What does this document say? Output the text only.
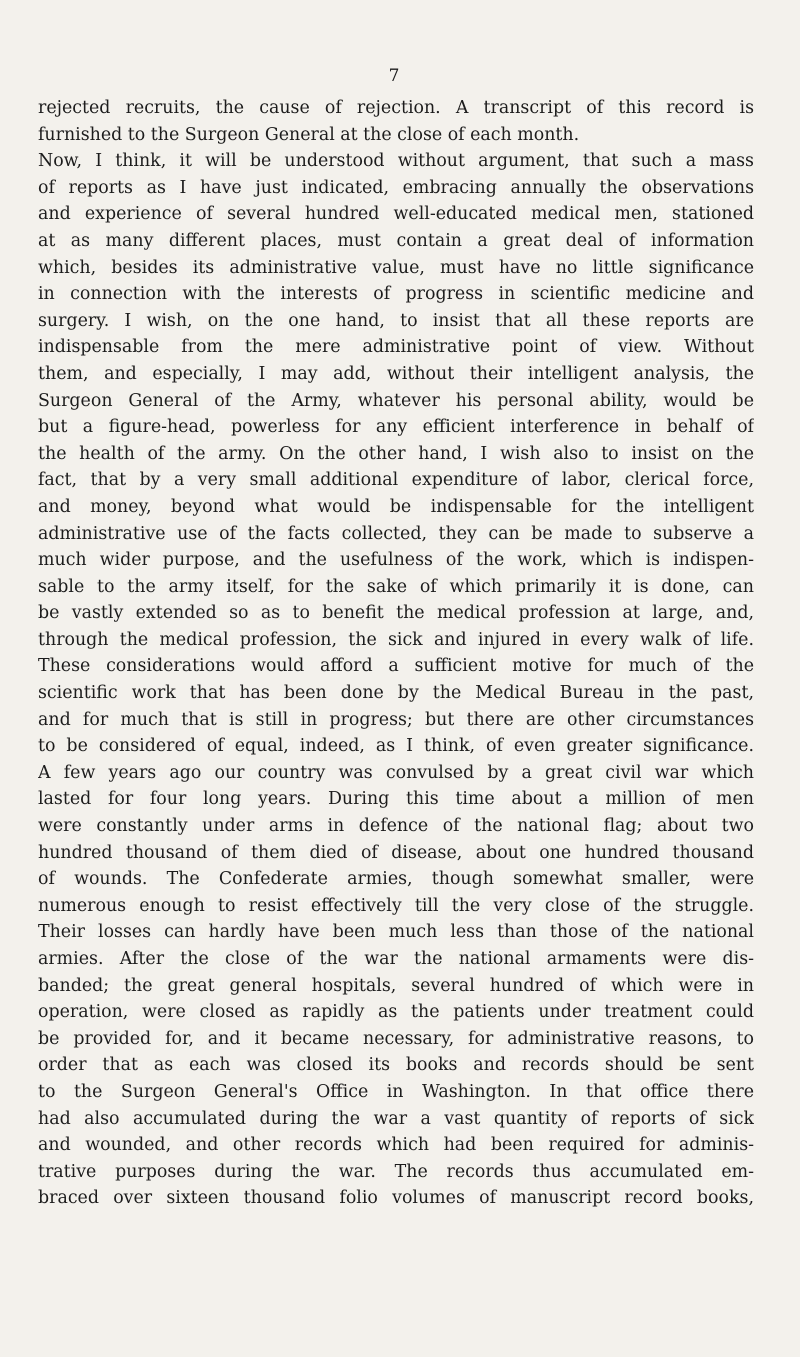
7
rejected recruits, the cause of rejection. A transcript of this record is
furnished to the Surgeon General at the close of each month.
Now, I think, it will be understood without argument, that such a mass
of reports as I have just indicated, embracing annually the observations
and experience of several hundred well-educated medical men, stationed
at as many different places, must contain a great deal of information
which, besides its administrative value, must have no little significance
in connection with the interests of progress in scientific medicine and
surgery. I wish, on the one hand, to insist that all these reports are
indispensable from the mere administrative point of view. Without
them, and especially, I may add, without their intelligent analysis, the
Surgeon General of the Army, whatever his personal ability, would be
but a figure-head, powerless for any efficient interference in behalf of
the health of the army. On the other hand, I wish also to insist on the
fact, that by a very small additional expenditure of labor, clerical force,
and money, beyond what would be indispensable for the intelligent
administrative use of the facts collected, they can be made to subserve a
much wider purpose, and the usefulness of the work, which is indispen-
sable to the army itself, for the sake of which primarily it is done, can
be vastly extended so as to benefit the medical profession at large, and,
through the medical profession, the sick and injured in every walk of life.
These considerations would afford a sufficient motive for much of the
scientific work that has been done by the Medical Bureau in the past,
and for much that is still in progress; but there are other circumstances
to be considered of equal, indeed, as I think, of even greater significance.
A few years ago our country was convulsed by a great civil war which
lasted for four long years. During this time about a million of men
were constantly under arms in defence of the national flag; about two
hundred thousand of them died of disease, about one hundred thousand
of wounds. The Confederate armies, though somewhat smaller, were
numerous enough to resist effectively till the very close of the struggle.
Their losses can hardly have been much less than those of the national
armies. After the close of the war the national armaments were dis-
banded; the great general hospitals, several hundred of which were in
operation, were closed as rapidly as the patients under treatment could
be provided for, and it became necessary, for administrative reasons, to
order that as each was closed its books and records should be sent
to the Surgeon General's Office in Washington. In that office there
had also accumulated during the war a vast quantity of reports of sick
and wounded, and other records which had been required for adminis-
trative purposes during the war. The records thus accumulated em-
braced over sixteen thousand folio volumes of manuscript record books,
